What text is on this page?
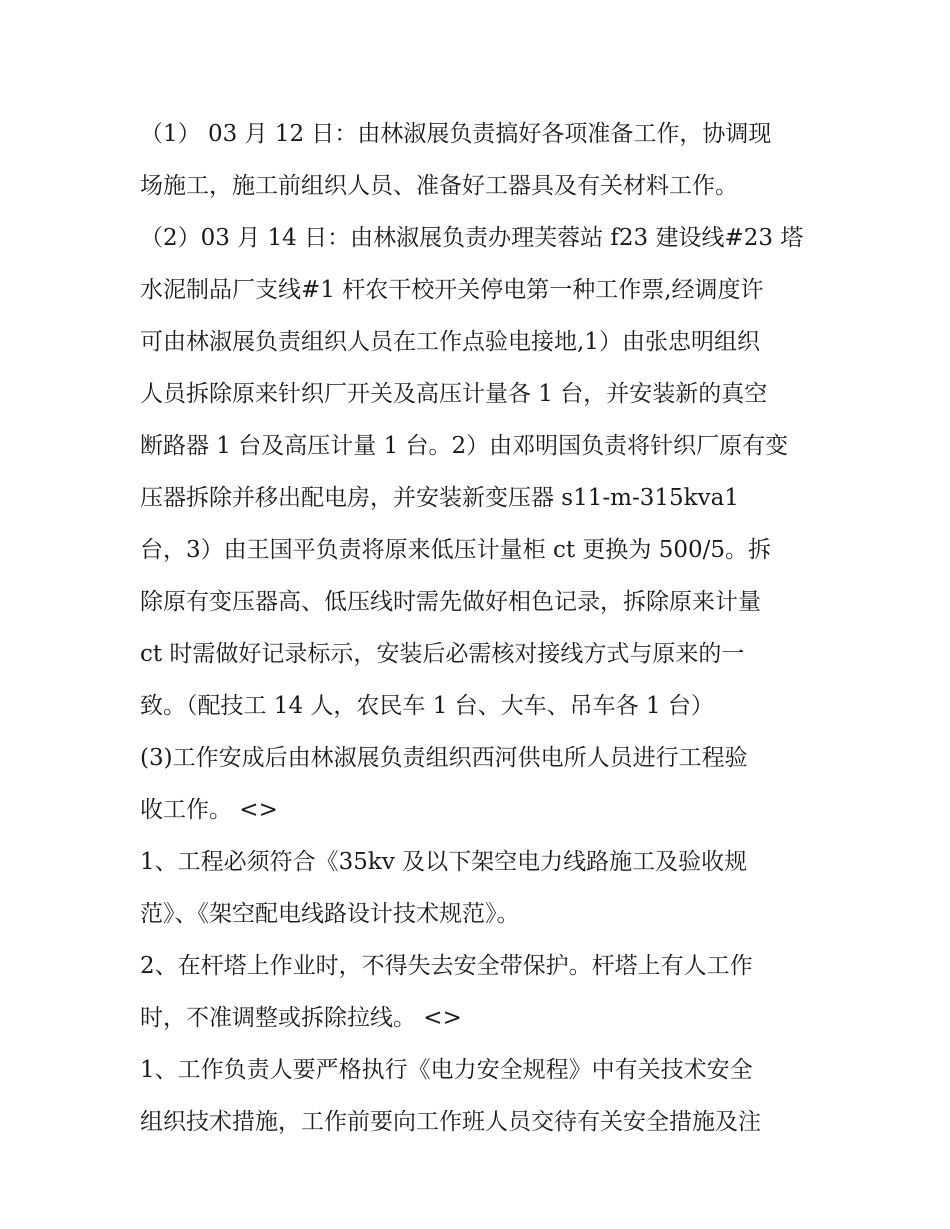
（1） 03 月 12 日：由林淑展负责搞好各项准备工作，协调现
场施工，施工前组织人员、准备好工器具及有关材料工作。
（2）03 月 14 日：由林淑展负责办理芙蓉站 f23 建设线#23 塔
水泥制品厂支线#1 杆农干校开关停电第一种工作票,经调度许
可由林淑展负责组织人员在工作点验电接地,1）由张忠明组织
人员拆除原来针织厂开关及高压计量各 1 台，并安装新的真空
断路器 1 台及高压计量 1 台。2）由邓明国负责将针织厂原有变
压器拆除并移出配电房，并安装新变压器 s11-m-315kva1
台，3）由王国平负责将原来低压计量柜 ct 更换为 500/5。拆
除原有变压器高、低压线时需先做好相色记录，拆除原来计量
ct 时需做好记录标示，安装后必需核对接线方式与原来的一
致。（配技工 14 人，农民车 1 台、大车、吊车各 1 台）
(3)工作安成后由林淑展负责组织西河供电所人员进行工程验
收工作。 <>
1、工程必须符合《35kv 及以下架空电力线路施工及验收规
范》、《架空配电线路设计技术规范》。
2、在杆塔上作业时，不得失去安全带保护。杆塔上有人工作
时，不准调整或拆除拉线。 <>
1、工作负责人要严格执行《电力安全规程》中有关技术安全
组织技术措施，工作前要向工作班人员交待有关安全措施及注
